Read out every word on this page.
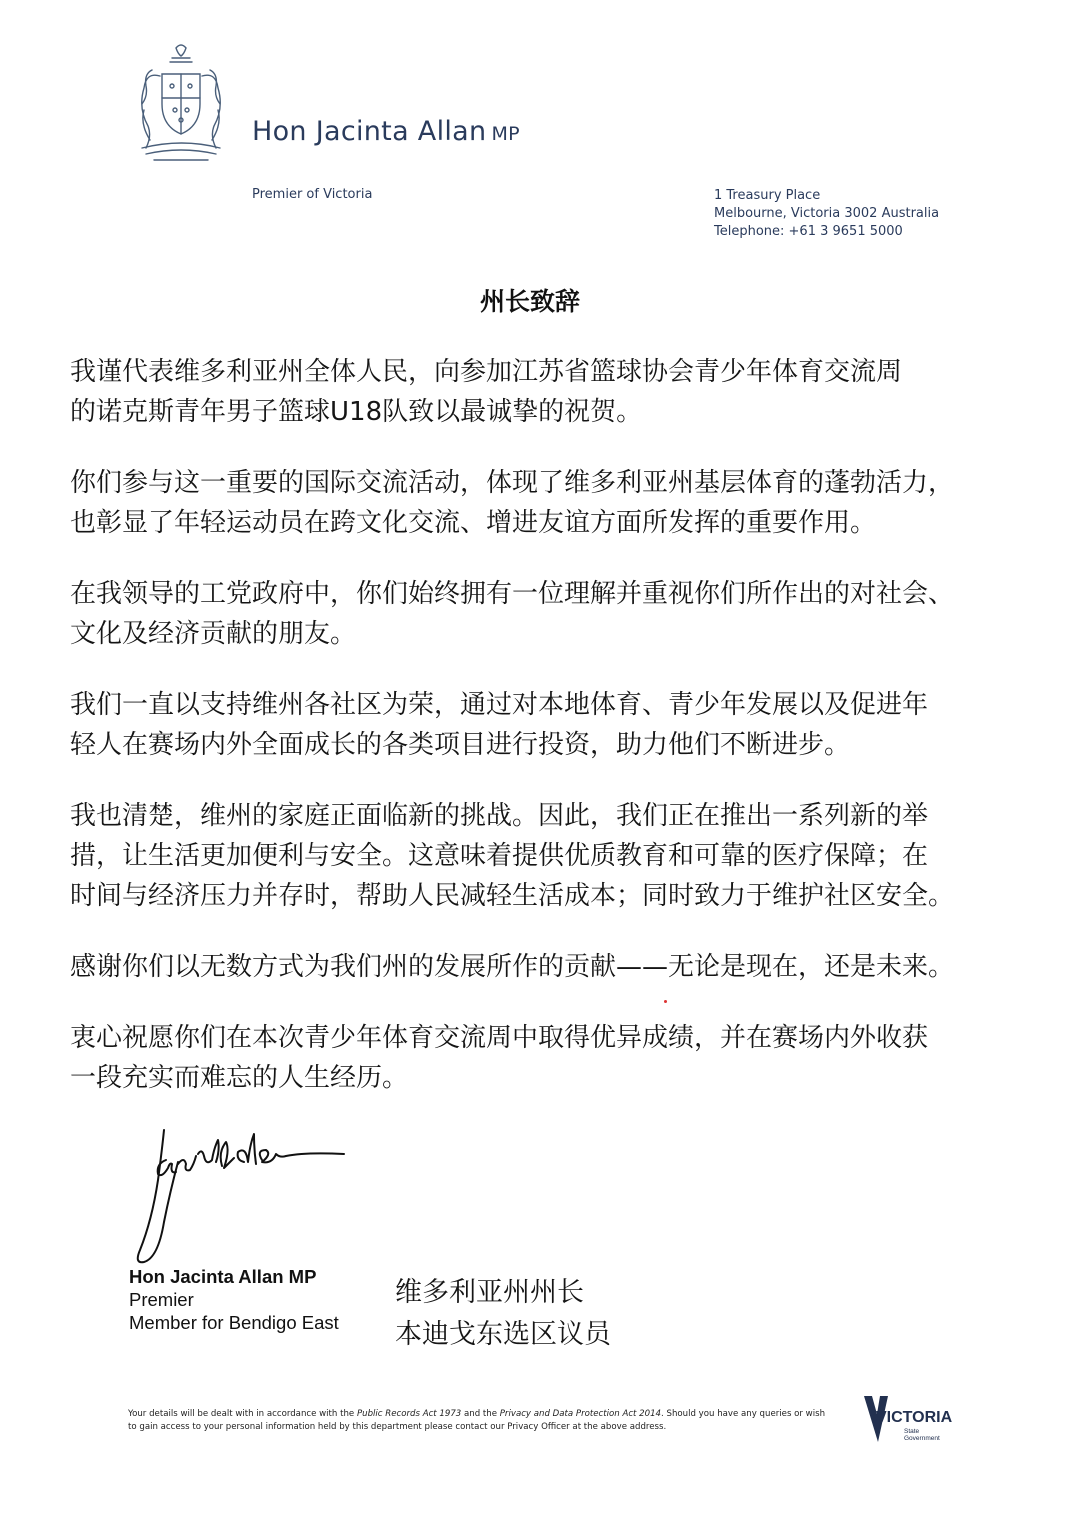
Hon Jacinta Allan MP
Premier of Victoria	1 Treasury Place
Melbourne, Victoria 3002 Australia
Telephone: +61 3 9651 5000
州长致辞

我谨代表维多利亚州全体人民，向参加江苏省篮球协会青少年体育交流周
的诺克斯青年男子篮球U18队致以最诚挚的祝贺。

你们参与这一重要的国际交流活动，体现了维多利亚州基层体育的蓬勃活力，
也彰显了年轻运动员在跨文化交流、增进友谊方面所发挥的重要作用。

在我领导的工党政府中，你们始终拥有一位理解并重视你们所作出的对社会、
文化及经济贡献的朋友。

我们一直以支持维州各社区为荣，通过对本地体育、青少年发展以及促进年
轻人在赛场内外全面成长的各类项目进行投资，助力他们不断进步。

我也清楚，维州的家庭正面临新的挑战。因此，我们正在推出一系列新的举
措，让生活更加便利与安全。这意味着提供优质教育和可靠的医疗保障；在
时间与经济压力并存时，帮助人民减轻生活成本；同时致力于维护社区安全。

感谢你们以无数方式为我们州的发展所作的贡献——无论是现在，还是未来。

衷心祝愿你们在本次青少年体育交流周中取得优异成绩，并在赛场内外收获
一段充实而难忘的人生经历。

Hon Jacinta Allan MP
Premier
Member for Bendigo East
维多利亚州州长
本迪戈东选区议员
Your details will be dealt with in accordance with the Public Records Act 1973 and the Privacy and Data Protection Act 2014. Should you have any queries or wish to gain access to your personal information held by this department please contact our Privacy Officer at the above address.
VICTORIA
State
Government
